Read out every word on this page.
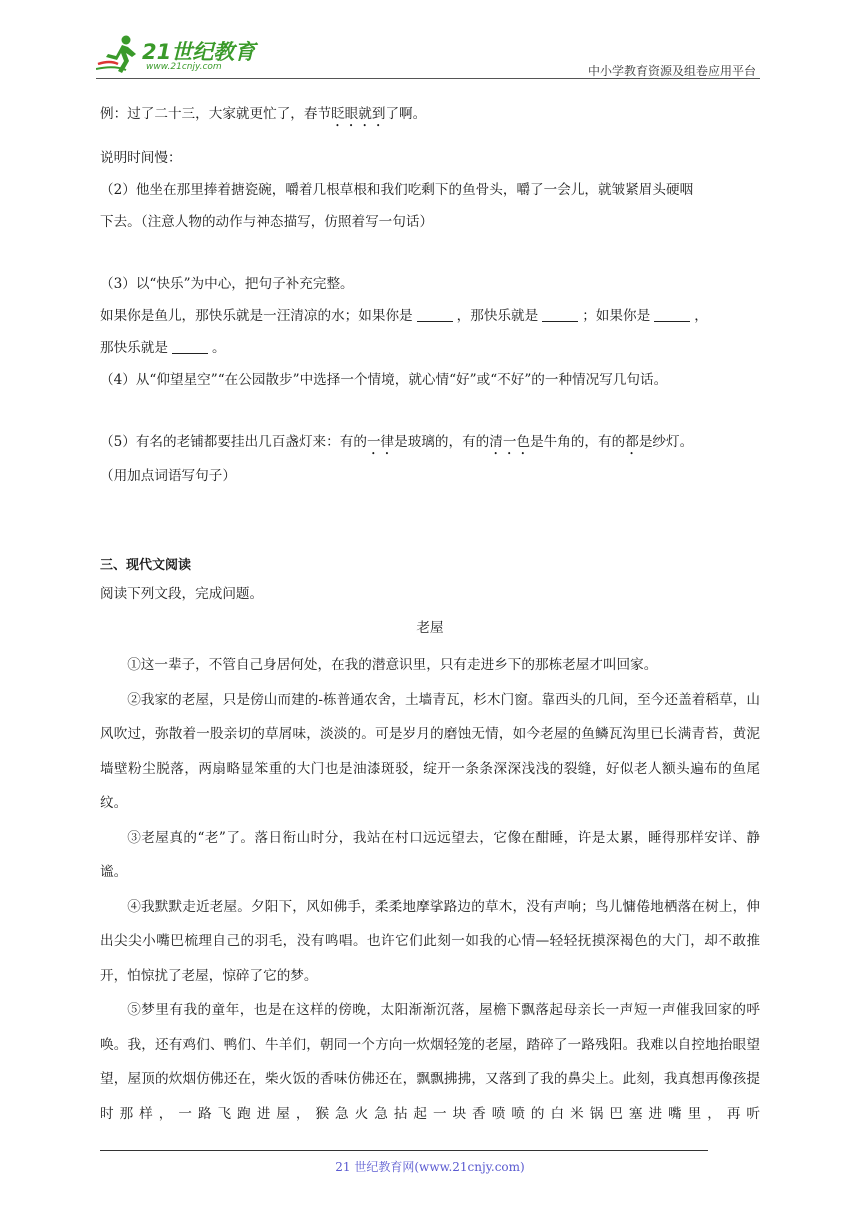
21世纪教育
www.21cnjy.com	中小学教育资源及组卷应用平台

例：过了二十三，大家就更忙了，春节眨眼就到了啊。

说明时间慢：

（2）他坐在那里捧着搪瓷碗，嚼着几根草根和我们吃剩下的鱼骨头，嚼了一会儿，就皱紧眉头硬咽

下去。（注意人物的动作与神态描写，仿照着写一句话）

（3）以“快乐”为中心，把句子补充完整。

如果你是鱼儿，那快乐就是一汪清凉的水；如果你是	，那快乐就是	；如果你是	，

那快乐就是	。

（4）从“仰望星空”“在公园散步”中选择一个情境，就心情“好”或“不好”的一种情况写几句话。

（5）有名的老铺都要挂出几百盏灯来：有的一律是玻璃的，有的清一色是牛角的，有的都是纱灯。

（用加点词语写句子）

三、现代文阅读

阅读下列文段，完成问题。

老屋

①这一辈子，不管自己身居何处，在我的潜意识里，只有走进乡下的那栋老屋才叫回家。

②我家的老屋，只是傍山而建的-栋普通农舍，土墙青瓦，杉木门窗。靠西头的几间，至今还盖着稻草，山风吹过，弥散着一股亲切的草屑味，淡淡的。可是岁月的磨蚀无情，如今老屋的鱼鳞瓦沟里已长满青苔，黄泥墙壁粉尘脱落，两扇略显笨重的大门也是油漆斑驳，绽开一条条深深浅浅的裂缝，好似老人额头遍布的鱼尾纹。

③老屋真的“老”了。落日衔山时分，我站在村口远远望去，它像在酣睡，许是太累，睡得那样安详、静谧。

④我默默走近老屋。夕阳下，风如佛手，柔柔地摩挲路边的草木，没有声响；鸟儿慵倦地栖落在树上，伸出尖尖小嘴巴梳理自己的羽毛，没有鸣唱。也许它们此刻一如我的心情—轻轻抚摸深褐色的大门，却不敢推开，怕惊扰了老屋，惊碎了它的梦。

⑤梦里有我的童年，也是在这样的傍晚，太阳渐渐沉落，屋檐下飘落起母亲长一声短一声催我回家的呼唤。我，还有鸡们、鸭们、牛羊们，朝同一个方向一炊烟轻笼的老屋，踏碎了一路残阳。我难以自控地抬眼望望，屋顶的炊烟仿佛还在，柴火饭的香味仿佛还在，飘飘拂拂，又落到了我的鼻尖上。此刻，我真想再像孩提时那样，一路飞跑进屋，猴急火急拈起一块香喷喷的白米锅巴塞进嘴里，再听

21 世纪教育网(www.21cnjy.com)
